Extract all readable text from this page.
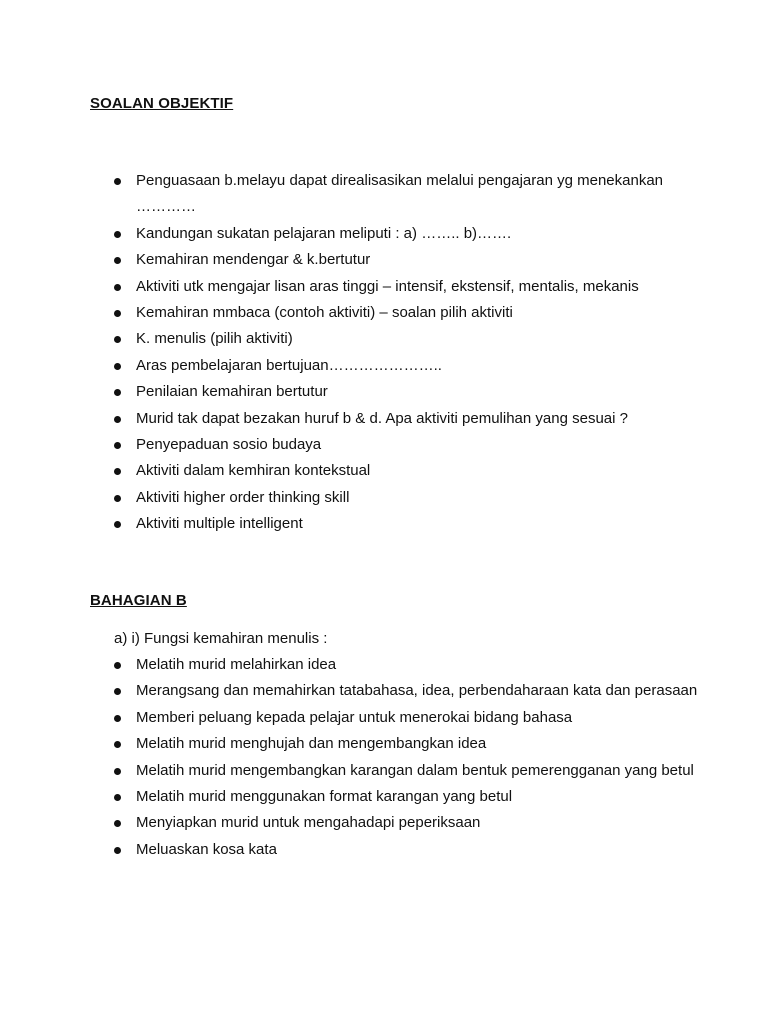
SOALAN OBJEKTIF
Penguasaan b.melayu dapat direalisasikan melalui pengajaran yg menekankan …………
Kandungan sukatan pelajaran meliputi : a) …….. b)…….
Kemahiran mendengar & k.bertutur
Aktiviti utk mengajar lisan aras tinggi – intensif, ekstensif, mentalis, mekanis
Kemahiran mmbaca (contoh aktiviti) – soalan pilih aktiviti
K. menulis (pilih aktiviti)
Aras pembelajaran bertujuan…………………..
Penilaian kemahiran bertutur
Murid tak dapat bezakan huruf b & d. Apa aktiviti pemulihan yang sesuai ?
Penyepaduan sosio budaya
Aktiviti dalam kemhiran kontekstual
Aktiviti higher order thinking skill
Aktiviti multiple intelligent
BAHAGIAN B
a) i) Fungsi kemahiran menulis :
Melatih murid melahirkan idea
Merangsang dan memahirkan tatabahasa, idea, perbendaharaan kata dan perasaan
Memberi peluang kepada pelajar untuk menerokai bidang bahasa
Melatih murid menghujah dan mengembangkan idea
Melatih murid mengembangkan karangan dalam bentuk pemerengganan yang betul
Melatih murid menggunakan format karangan yang betul
Menyiapkan murid untuk mengahadapi peperiksaan
Meluaskan kosa kata
